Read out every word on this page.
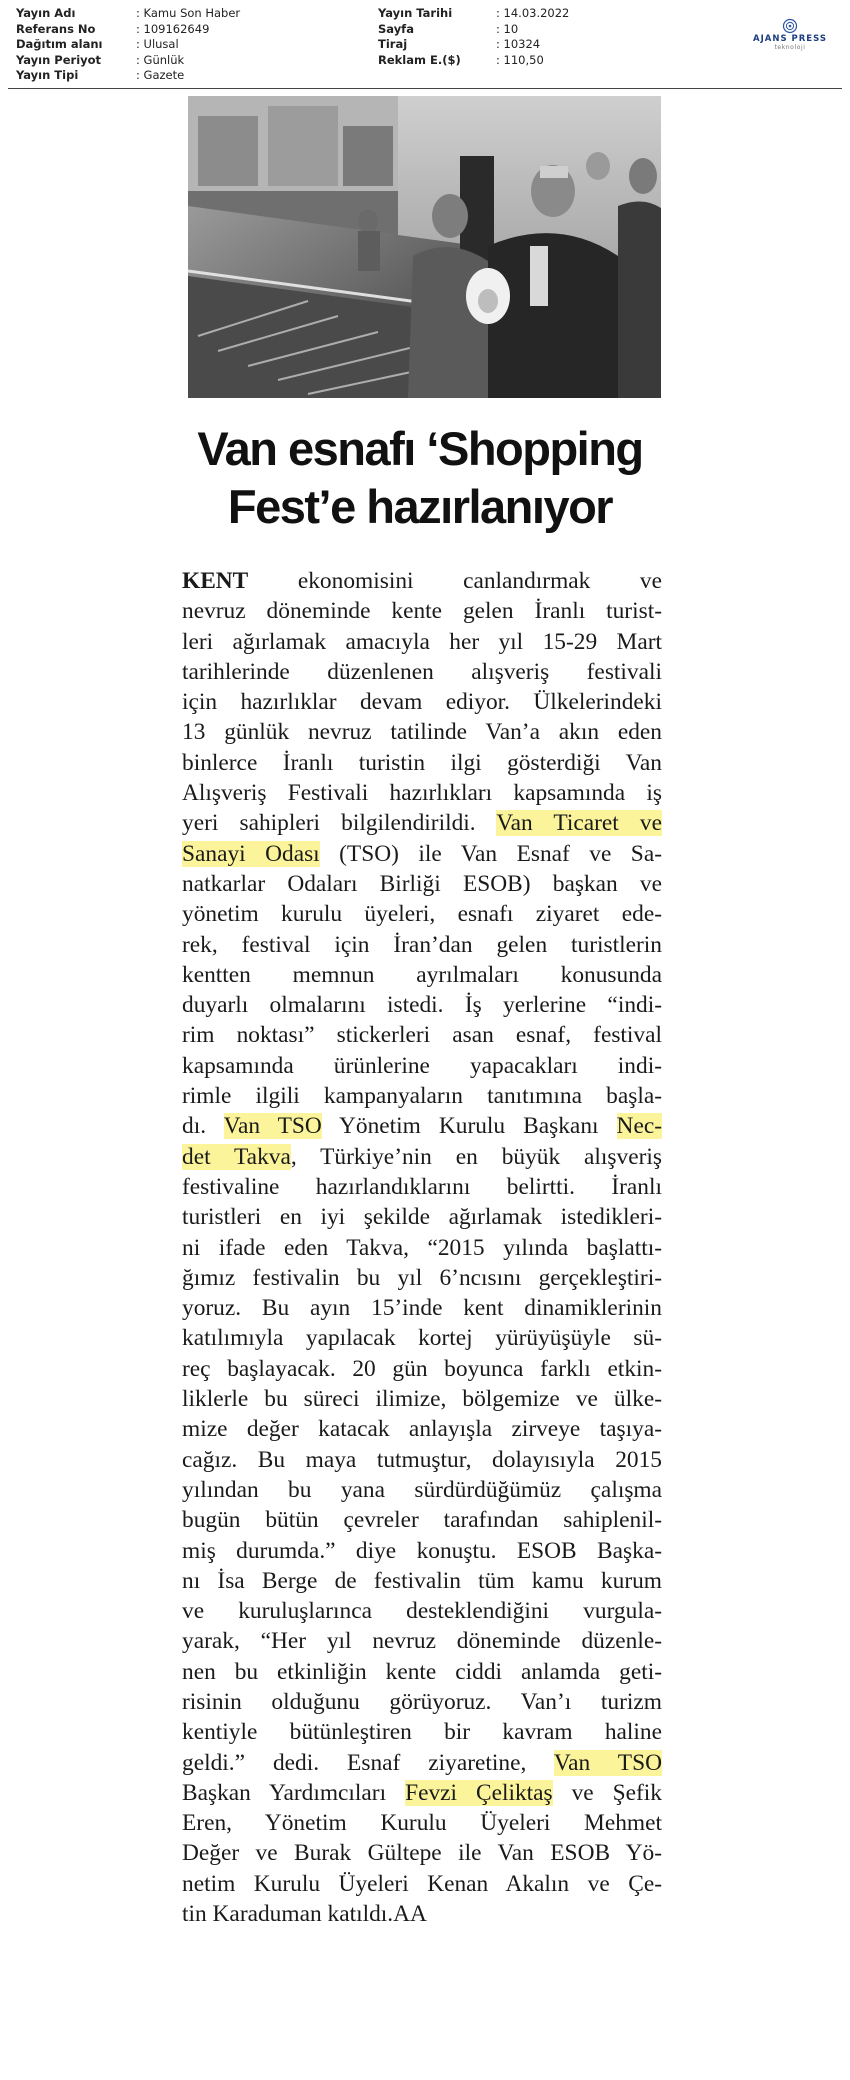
Yayın Adı	: Kamu Son Haber
Referans No	: 109162649
Dağıtım alanı	: Ulusal
Yayın Periyot	: Günlük
Yayın Tipi	: Gazete
Yayın Tarihi	: 14.03.2022
Sayfa	: 10
Tiraj	: 10324
Reklam E.($)	: 110,50
AJANS PRESS
teknoloji
Van esnafı ‘Shopping
Fest’e hazırlanıyor
KENT ekonomisini canlandırmak ve
nevruz döneminde kente gelen İranlı turist-
leri ağırlamak amacıyla her yıl 15-29 Mart
tarihlerinde düzenlenen alışveriş festivali
için hazırlıklar devam ediyor. Ülkelerindeki
13 günlük nevruz tatilinde Van’a akın eden
binlerce İranlı turistin ilgi gösterdiği Van
Alışveriş Festivali hazırlıkları kapsamında iş
yeri sahipleri bilgilendirildi. Van Ticaret ve
Sanayi Odası (TSO) ile Van Esnaf ve Sa-
natkarlar Odaları Birliği ESOB) başkan ve
yönetim kurulu üyeleri, esnafı ziyaret ede-
rek, festival için İran’dan gelen turistlerin
kentten memnun ayrılmaları konusunda
duyarlı olmalarını istedi. İş yerlerine “indi-
rim noktası” stickerleri asan esnaf, festival
kapsamında ürünlerine yapacakları indi-
rimle ilgili kampanyaların tanıtımına başla-
dı. Van TSO Yönetim Kurulu Başkanı Nec-
det Takva, Türkiye’nin en büyük alışveriş
festivaline hazırlandıklarını belirtti. İranlı
turistleri en iyi şekilde ağırlamak istedikleri-
ni ifade eden Takva, “2015 yılında başlattı-
ğımız festivalin bu yıl 6’ncısını gerçekleştiri-
yoruz. Bu ayın 15’inde kent dinamiklerinin
katılımıyla yapılacak kortej yürüyüşüyle sü-
reç başlayacak. 20 gün boyunca farklı etkin-
liklerle bu süreci ilimize, bölgemize ve ülke-
mize değer katacak anlayışla zirveye taşıya-
cağız. Bu maya tutmuştur, dolayısıyla 2015
yılından bu yana sürdürdüğümüz çalışma
bugün bütün çevreler tarafından sahiplenil-
miş durumda.” diye konuştu. ESOB Başka-
nı İsa Berge de festivalin tüm kamu kurum
ve kuruluşlarınca desteklendiğini vurgula-
yarak, “Her yıl nevruz döneminde düzenle-
nen bu etkinliğin kente ciddi anlamda geti-
risinin olduğunu görüyoruz. Van’ı turizm
kentiyle bütünleştiren bir kavram haline
geldi.” dedi. Esnaf ziyaretine, Van TSO
Başkan Yardımcıları Fevzi Çeliktaş ve Şefik
Eren, Yönetim Kurulu Üyeleri Mehmet
Değer ve Burak Gültepe ile Van ESOB Yö-
netim Kurulu Üyeleri Kenan Akalın ve Çe-
tin Karaduman katıldı.AA
